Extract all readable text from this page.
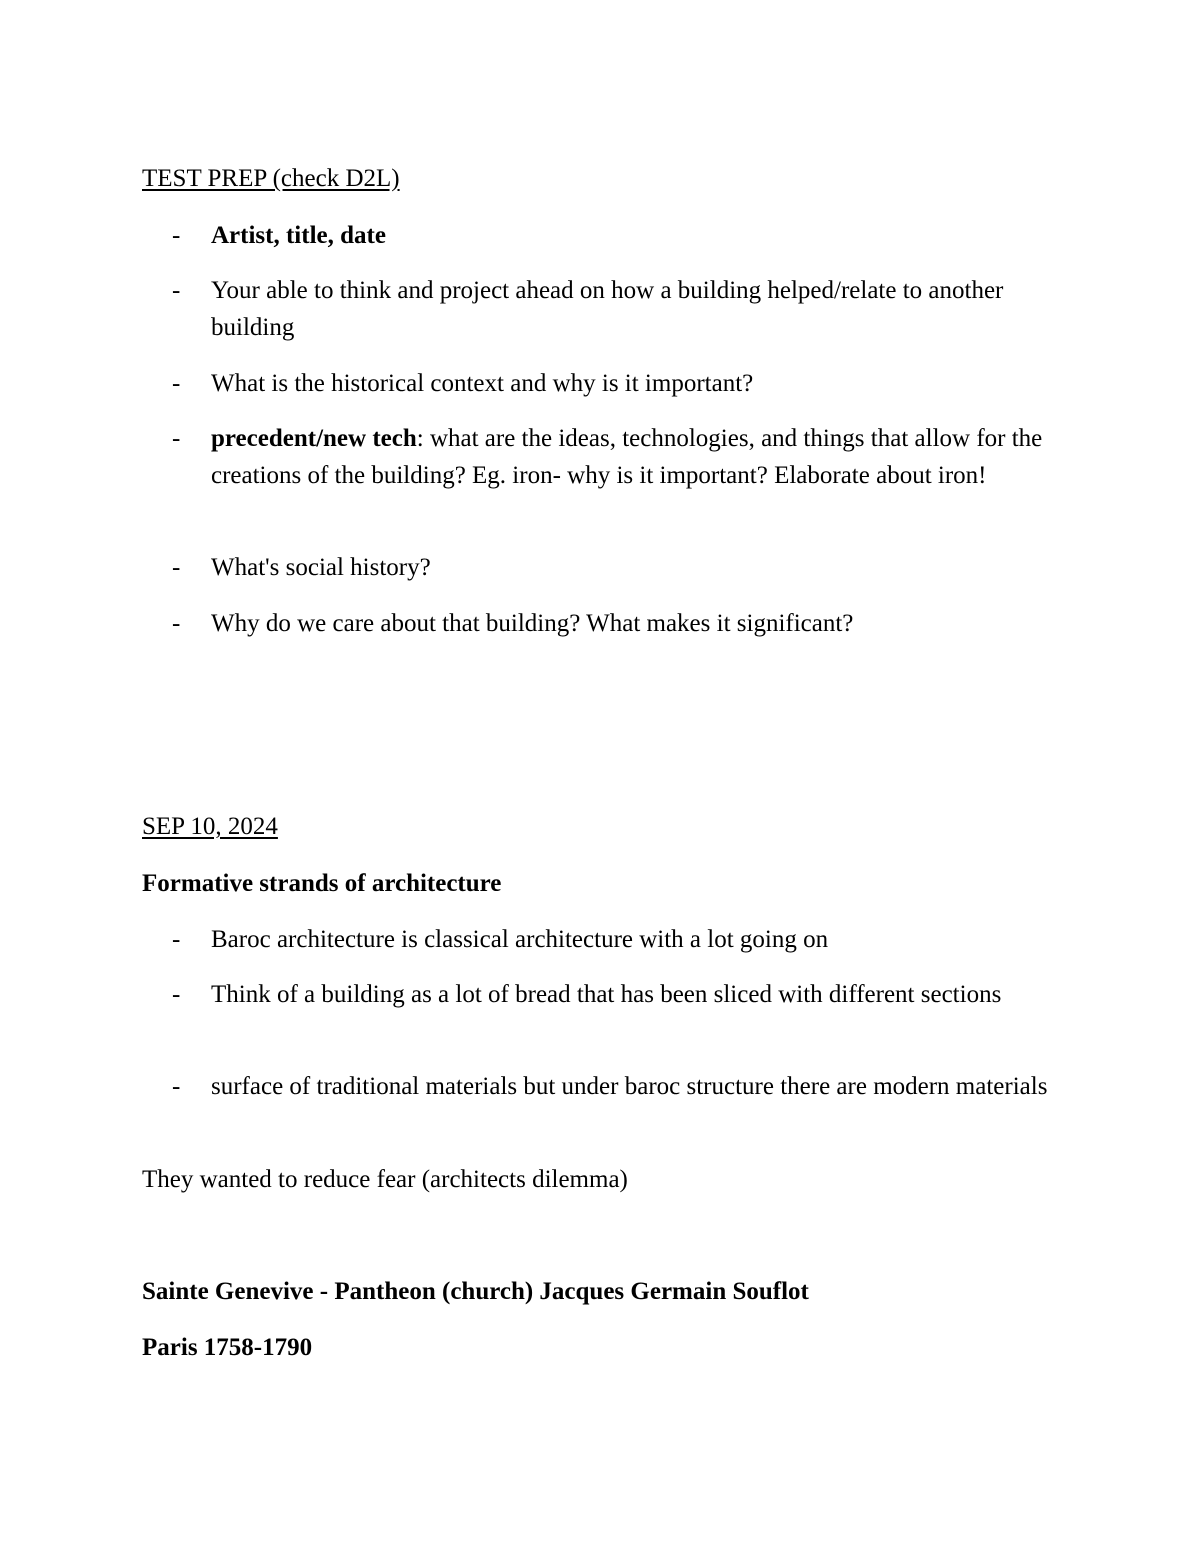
TEST PREP (check D2L)
-	Artist, title, date
-	Your able to think and project ahead on how a building helped/relate to another building
-	What is the historical context and why is it important?
-	precedent/new tech: what are the ideas, technologies, and things that allow for the creations of the building? Eg. iron- why is it important? Elaborate about iron!
-	What's social history?
-	Why do we care about that building? What makes it significant?
SEP 10, 2024
Formative strands of architecture
-	Baroc architecture is classical architecture with a lot going on
-	Think of a building as a lot of bread that has been sliced with different sections
-	surface of traditional materials but under baroc structure there are modern materials
They wanted to reduce fear (architects dilemma)
Sainte Genevive - Pantheon (church) Jacques Germain Souflot
Paris 1758-1790
